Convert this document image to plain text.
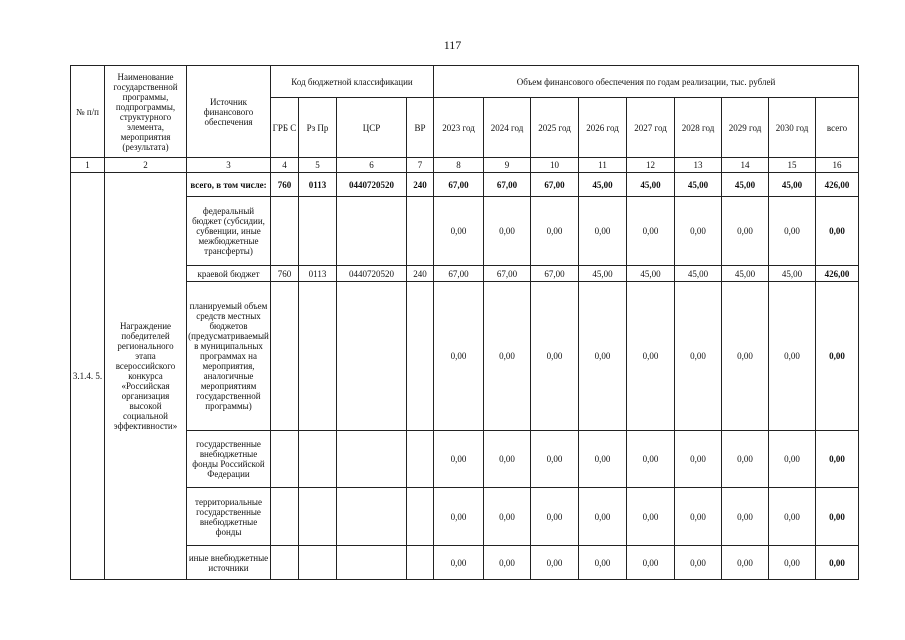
117
№ п/п	Наименование государственной программы, подпрограммы, структурного элемента, мероприятия (результата)	Источник финансового обеспечения	Код бюджетной классификации				Объем финансового обеспечения по годам реализации, тыс. рублей								
			ГРБ С	Рз Пр	ЦСР	ВР	2023 год	2024 год	2025 год	2026 год	2027 год	2028 год	2029 год	2030 год	всего
1	2	3	4	5	6	7	8	9	10	11	12	13	14	15	16
3.1.4. 5.	Награждение победителей регионального этапа всероссийского конкурса «Российская организация высокой социальной эффективности»	всего, в том числе:	760	0113	0440720520	240	67,00	67,00	67,00	45,00	45,00	45,00	45,00	45,00	426,00
		федеральный бюджет (субсидии, субвенции, иные межбюджетные трансферты)					0,00	0,00	0,00	0,00	0,00	0,00	0,00	0,00	0,00
		краевой бюджет	760	0113	0440720520	240	67,00	67,00	67,00	45,00	45,00	45,00	45,00	45,00	426,00
		планируемый объем средств местных бюджетов (предусматриваемый в муниципальных программах на мероприятия, аналогичные мероприятиям государственной программы)					0,00	0,00	0,00	0,00	0,00	0,00	0,00	0,00	0,00
		государственные внебюджетные фонды Российской Федерации					0,00	0,00	0,00	0,00	0,00	0,00	0,00	0,00	0,00
		территориальные государственные внебюджетные фонды					0,00	0,00	0,00	0,00	0,00	0,00	0,00	0,00	0,00
		иные внебюджетные источники					0,00	0,00	0,00	0,00	0,00	0,00	0,00	0,00	0,00
